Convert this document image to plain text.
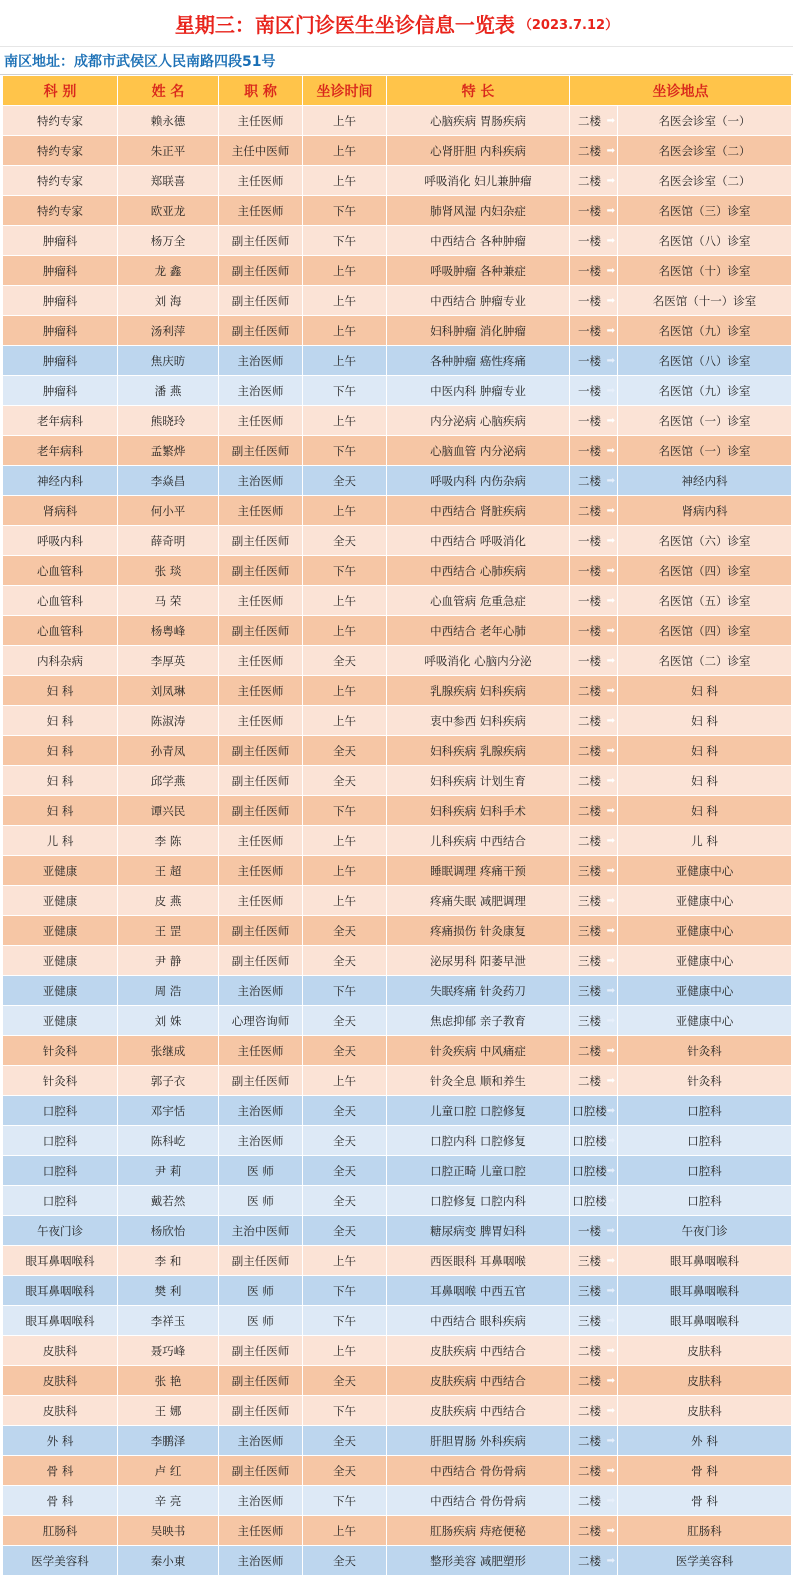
星期三：南区门诊医生坐诊信息一览表 （2023.7.12）
南区地址：成都市武侯区人民南路四段51号
科 别	姓 名	职 称	坐诊时间	特 长	坐诊地点	
特约专家	赖永德	主任医师	上午	心脑疾病 胃肠疾病	二楼 ➡	名医会诊室（一）
特约专家	朱正平	主任中医师	上午	心肾肝胆 内科疾病	二楼 ➡	名医会诊室（二）
特约专家	郑联喜	主任医师	上午	呼吸消化 妇儿兼肿瘤	二楼 ➡	名医会诊室（二）
特约专家	欧亚龙	主任医师	下午	肺肾风湿 内妇杂症	一楼 ➡	名医馆（三）诊室
肿瘤科	杨万全	副主任医师	下午	中西结合 各种肿瘤	一楼 ➡	名医馆（八）诊室
肿瘤科	龙 鑫	副主任医师	上午	呼吸肿瘤 各种兼症	一楼 ➡	名医馆（十）诊室
肿瘤科	刘 海	副主任医师	上午	中西结合 肿瘤专业	一楼 ➡	名医馆（十一）诊室
肿瘤科	汤利萍	副主任医师	上午	妇科肿瘤 消化肿瘤	一楼 ➡	名医馆（九）诊室
肿瘤科	焦庆昉	主治医师	上午	各种肿瘤 癌性疼痛	一楼 ➡	名医馆（八）诊室
肿瘤科	潘 燕	主治医师	下午	中医内科 肿瘤专业	一楼 ➡	名医馆（九）诊室
老年病科	熊晓玲	主任医师	上午	内分泌病 心脑疾病	一楼 ➡	名医馆（一）诊室
老年病科	孟繁烨	副主任医师	下午	心脑血管 内分泌病	一楼 ➡	名医馆（一）诊室
神经内科	李焱昌	主治医师	全天	呼吸内科 内伤杂病	二楼 ➡	神经内科
肾病科	何小平	主任医师	上午	中西结合 肾脏疾病	二楼 ➡	肾病内科
呼吸内科	薛奇明	副主任医师	全天	中西结合 呼吸消化	一楼 ➡	名医馆（六）诊室
心血管科	张 琰	副主任医师	下午	中西结合 心肺疾病	一楼 ➡	名医馆（四）诊室
心血管科	马 荣	主任医师	上午	心血管病 危重急症	一楼 ➡	名医馆（五）诊室
心血管科	杨粤峰	副主任医师	上午	中西结合 老年心肺	一楼 ➡	名医馆（四）诊室
内科杂病	李厚英	主任医师	全天	呼吸消化 心脑内分泌	一楼 ➡	名医馆（二）诊室
妇 科	刘凤琳	主任医师	上午	乳腺疾病 妇科疾病	二楼 ➡	妇 科
妇 科	陈淑涛	主任医师	上午	衷中参西 妇科疾病	二楼 ➡	妇 科
妇 科	孙青凤	副主任医师	全天	妇科疾病 乳腺疾病	二楼 ➡	妇 科
妇 科	邱学燕	副主任医师	全天	妇科疾病 计划生育	二楼 ➡	妇 科
妇 科	谭兴民	副主任医师	下午	妇科疾病 妇科手术	二楼 ➡	妇 科
儿 科	李 陈	主任医师	上午	儿科疾病 中西结合	二楼 ➡	儿 科
亚健康	王 超	主任医师	上午	睡眠调理 疼痛干预	三楼 ➡	亚健康中心
亚健康	皮 燕	主任医师	上午	疼痛失眠 减肥调理	三楼 ➡	亚健康中心
亚健康	王 罡	副主任医师	全天	疼痛损伤 针灸康复	三楼 ➡	亚健康中心
亚健康	尹 静	副主任医师	全天	泌尿男科 阳萎早泄	三楼 ➡	亚健康中心
亚健康	周 浩	主治医师	下午	失眠疼痛 针灸药刀	三楼 ➡	亚健康中心
亚健康	刘 姝	心理咨询师	全天	焦虑抑郁 亲子教育	三楼 ➡	亚健康中心
针灸科	张继成	主任医师	全天	针灸疾病 中风痛症	二楼 ➡	针灸科
针灸科	郭子衣	副主任医师	上午	针灸全息 顺和养生	二楼 ➡	针灸科
口腔科	邓宇恬	主治医师	全天	儿童口腔 口腔修复	口腔楼 ➡	口腔科
口腔科	陈科屹	主治医师	全天	口腔内科 口腔修复	口腔楼 ➡	口腔科
口腔科	尹 莉	医 师	全天	口腔正畸 儿童口腔	口腔楼 ➡	口腔科
口腔科	戴若然	医 师	全天	口腔修复 口腔内科	口腔楼 ➡	口腔科
午夜门诊	杨欣怡	主治中医师	全天	糖尿病变 脾胃妇科	一楼 ➡	午夜门诊
眼耳鼻咽喉科	李 和	副主任医师	上午	西医眼科 耳鼻咽喉	三楼 ➡	眼耳鼻咽喉科
眼耳鼻咽喉科	樊 利	医 师	下午	耳鼻咽喉 中西五官	三楼 ➡	眼耳鼻咽喉科
眼耳鼻咽喉科	李祥玉	医 师	下午	中西结合 眼科疾病	三楼 ➡	眼耳鼻咽喉科
皮肤科	聂巧峰	副主任医师	上午	皮肤疾病 中西结合	二楼 ➡	皮肤科
皮肤科	张 艳	副主任医师	全天	皮肤疾病 中西结合	二楼 ➡	皮肤科
皮肤科	王 娜	副主任医师	下午	皮肤疾病 中西结合	二楼 ➡	皮肤科
外 科	李鹏泽	主治医师	全天	肝胆胃肠 外科疾病	二楼 ➡	外 科
骨 科	卢 红	副主任医师	全天	中西结合 骨伤骨病	二楼 ➡	骨 科
骨 科	辛 亮	主治医师	下午	中西结合 骨伤骨病	二楼 ➡	骨 科
肛肠科	吴映书	主任医师	上午	肛肠疾病 痔疮便秘	二楼 ➡	肛肠科
医学美容科	秦小東	主治医师	全天	整形美容 减肥塑形	二楼 ➡	医学美容科
